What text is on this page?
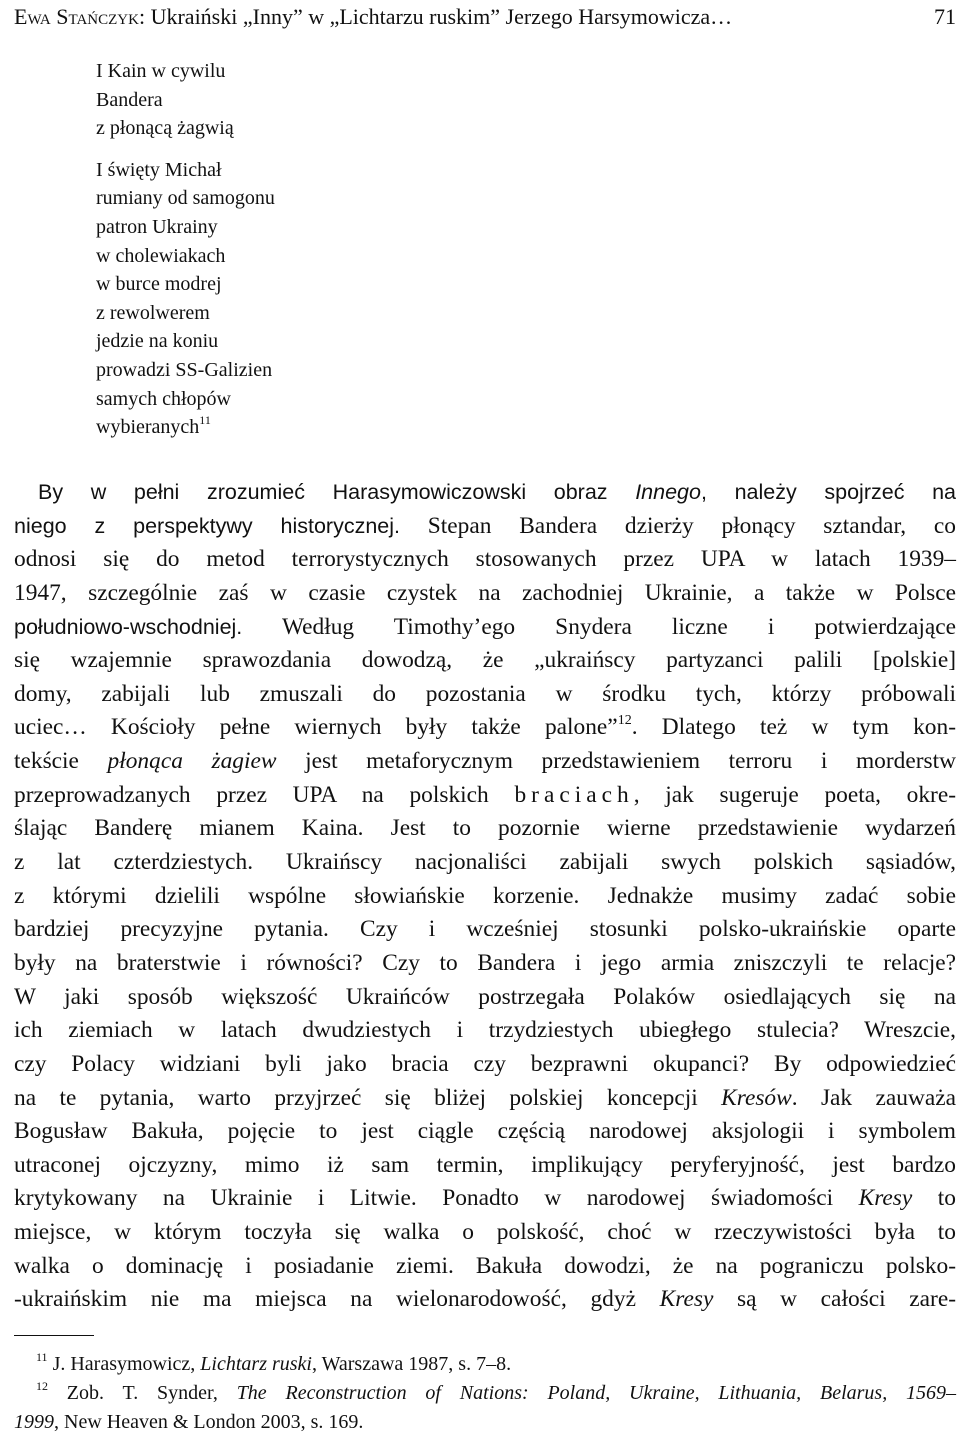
Ewa Stańczyk: Ukraiński „Inny” w „Lichtarzu ruskim” Jerzego Harsymowicza…	71
I Kain w cywilu
Bandera
z płonącą żagwią
I święty Michał
rumiany od samogonu
patron Ukrainy
w cholewiakach
w burce modrej
z rewolwerem
jedzie na koniu
prowadzi SS-Galizien
samych chłopów
wybieranych$^{11}$
By w pełni zrozumieć Harasymowiczowski obraz Innego, należy spojrzeć na
niego z perspektywy historycznej. Stepan Bandera dzierży płonący sztandar, co
odnosi się do metod terrorystycznych stosowanych przez UPA w latach 1939–
1947, szczególnie zaś w czasie czystek na zachodniej Ukrainie, a także w Polsce
południowo-wschodniej. Według Timothy’ego Snydera liczne i potwierdzające
się wzajemnie sprawozdania dowodzą, że „ukraińscy partyzanci palili [polskie]
domy, zabijali lub zmuszali do pozostania w środku tych, którzy próbowali
uciec… Kościoły pełne wiernych były także palone”$^{12}$. Dlatego też w tym kon-
tekście płonąca żagiew jest metaforycznym przedstawieniem terroru i morderstw
przeprowadzanych przez UPA na polskich braciach, jak sugeruje poeta, okre-
ślając Banderę mianem Kaina. Jest to pozornie wierne przedstawienie wydarzeń
z lat czterdziestych. Ukraińscy nacjonaliści zabijali swych polskich sąsiadów,
z którymi dzielili wspólne słowiańskie korzenie. Jednakże musimy zadać sobie
bardziej precyzyjne pytania. Czy i wcześniej stosunki polsko-ukraińskie oparte
były na braterstwie i równości? Czy to Bandera i jego armia zniszczyli te relacje?
W jaki sposób większość Ukraińców postrzegała Polaków osiedlających się na
ich ziemiach w latach dwudziestych i trzydziestych ubiegłego stulecia? Wreszcie,
czy Polacy widziani byli jako bracia czy bezprawni okupanci? By odpowiedzieć
na te pytania, warto przyjrzeć się bliżej polskiej koncepcji Kresów. Jak zauważa
Bogusław Bakuła, pojęcie to jest ciągle częścią narodowej aksjologii i symbolem
utraconej ojczyzny, mimo iż sam termin, implikujący peryferyjność, jest bardzo
krytykowany na Ukrainie i Litwie. Ponadto w narodowej świadomości Kresy to
miejsce, w którym toczyła się walka o polskość, choć w rzeczywistości była to
walka o dominację i posiadanie ziemi. Bakuła dowodzi, że na pograniczu polsko-
-ukraińskim nie ma miejsca na wielonarodowość, gdyż Kresy są w całości zare-
$^{11}$ J. Harasymowicz, Lichtarz ruski, Warszawa 1987, s. 7–8.
$^{12}$ Zob. T. Synder, The Reconstruction of Nations: Poland, Ukraine, Lithuania, Belarus, 1569–
1999, New Heaven & London 2003, s. 169.
